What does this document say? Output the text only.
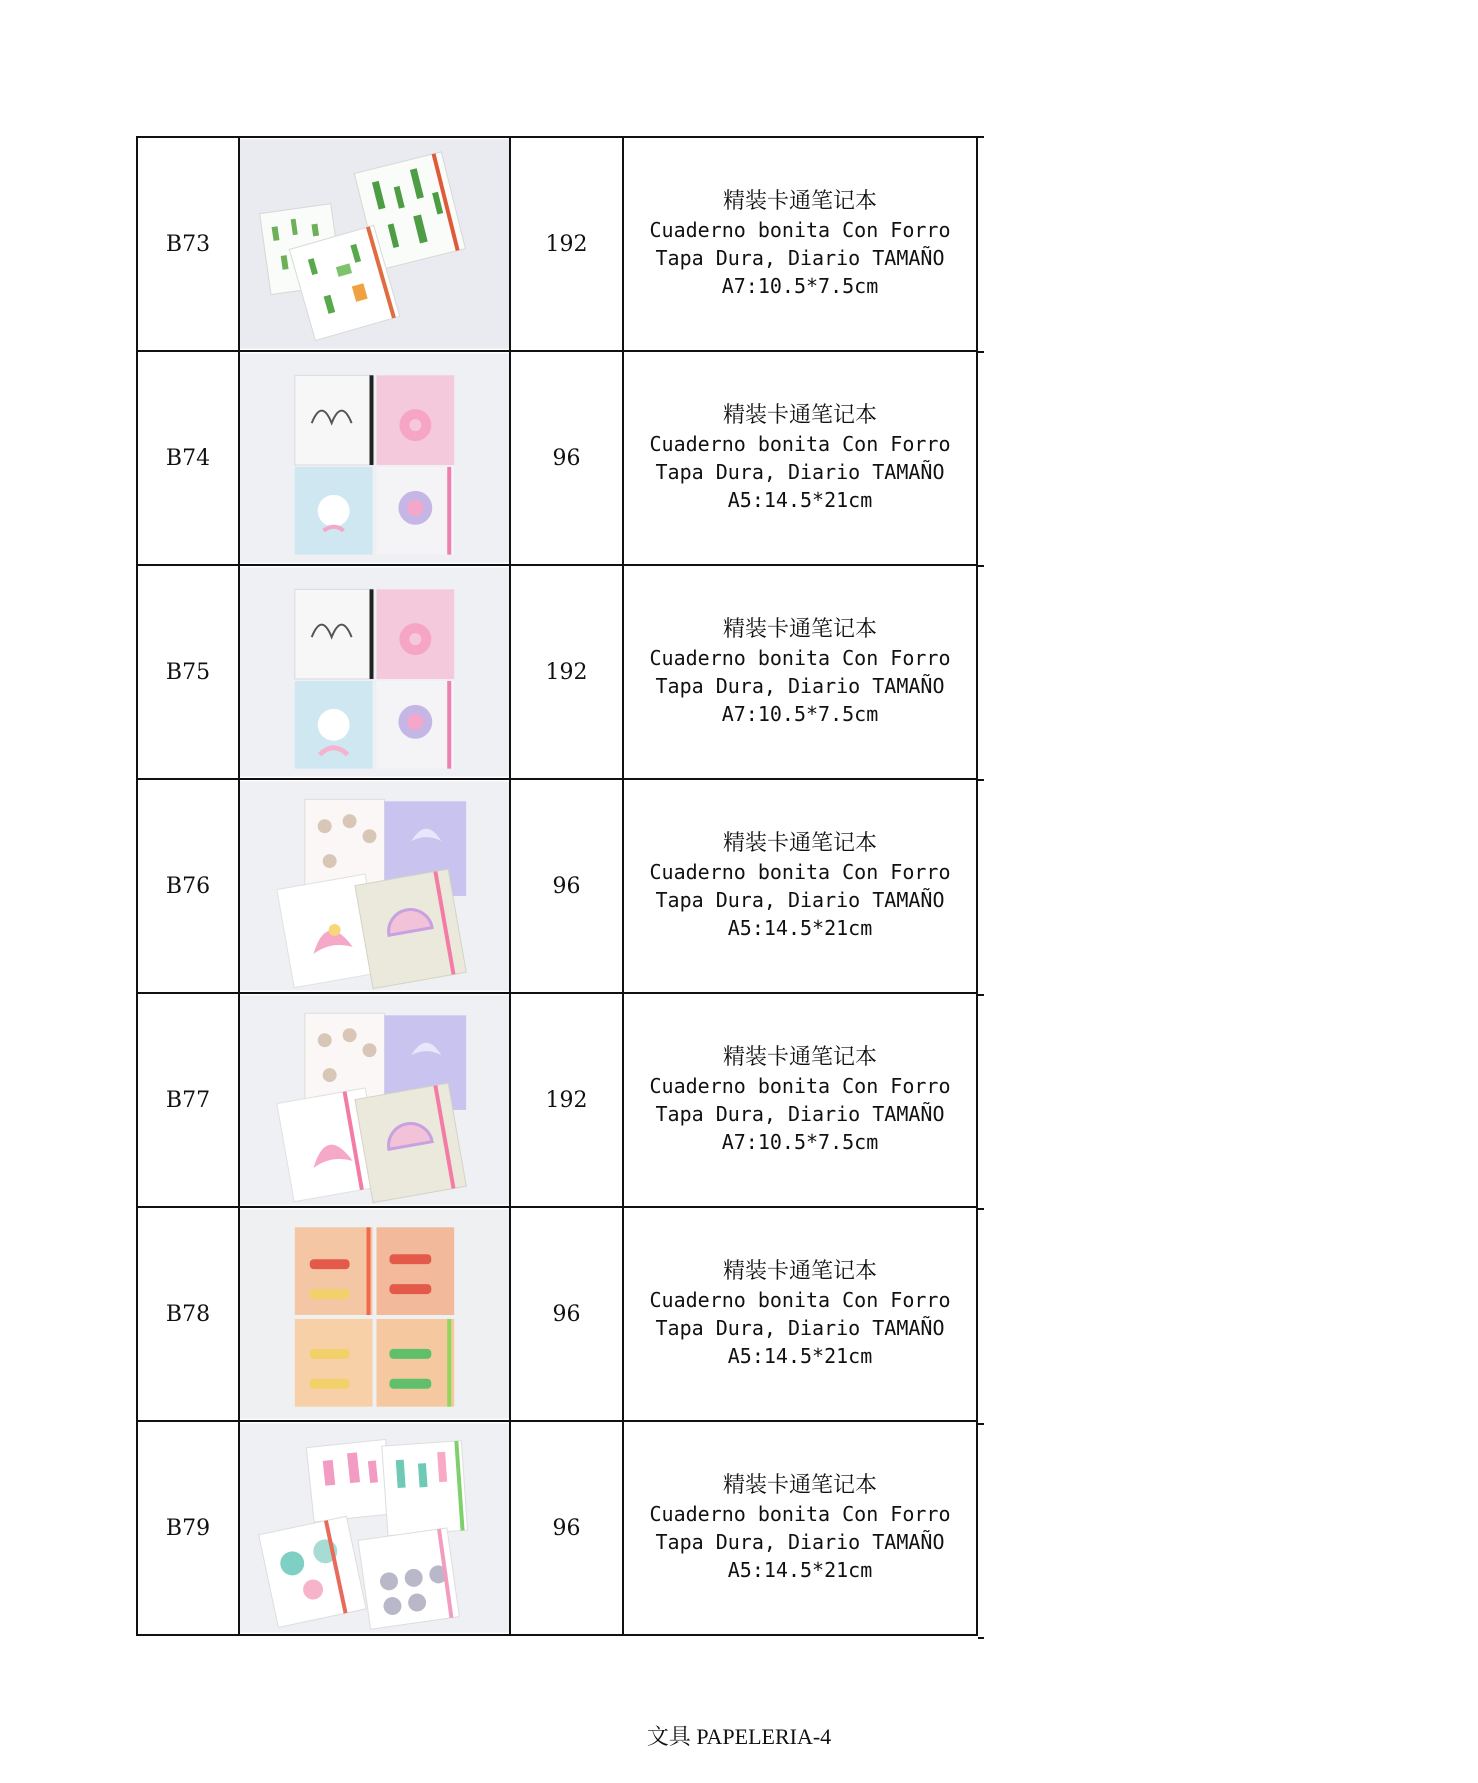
B73		192	精装卡通笔记本
Cuaderno bonita Con Forro
Tapa Dura, Diario TAMAÑO
A7:10.5*7.5cm

B74		96	精装卡通笔记本
Cuaderno bonita Con Forro
Tapa Dura, Diario TAMAÑO
A5:14.5*21cm

B75		192	精装卡通笔记本
Cuaderno bonita Con Forro
Tapa Dura, Diario TAMAÑO
A7:10.5*7.5cm

B76		96	精装卡通笔记本
Cuaderno bonita Con Forro
Tapa Dura, Diario TAMAÑO
A5:14.5*21cm

B77		192	精装卡通笔记本
Cuaderno bonita Con Forro
Tapa Dura, Diario TAMAÑO
A7:10.5*7.5cm

B78		96	精装卡通笔记本
Cuaderno bonita Con Forro
Tapa Dura, Diario TAMAÑO
A5:14.5*21cm

B79		96	精装卡通笔记本
Cuaderno bonita Con Forro
Tapa Dura, Diario TAMAÑO
A5:14.5*21cm
文具 PAPELERIA-4
